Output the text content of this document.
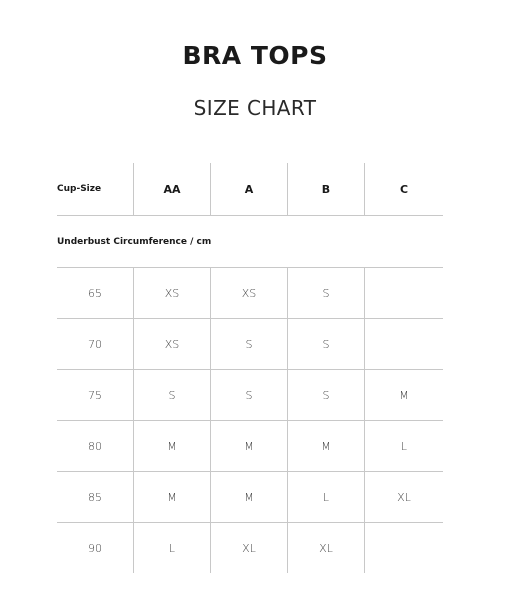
BRA TOPS
SIZE CHART
Cup-Size	AA	A	B	C
Underbust Circumference / cm
65	XS	XS	S
70	XS	S	S
75	S	S	S	M
80	M	M	M	L
85	M	M	L	XL
90	L	XL	XL
